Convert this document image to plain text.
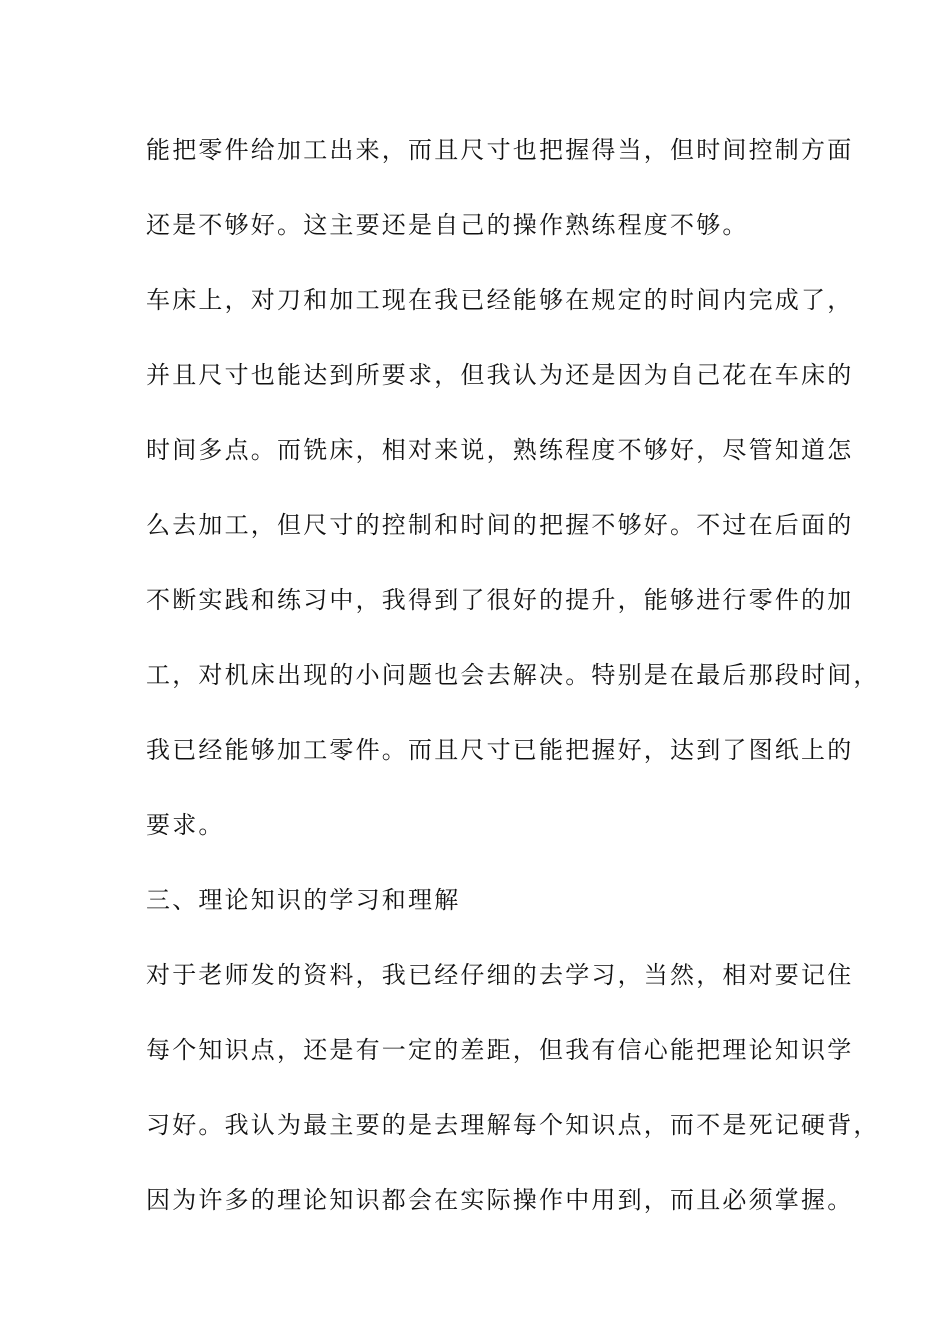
能把零件给加工出来，而且尺寸也把握得当，但时间控制方面

还是不够好。这主要还是自己的操作熟练程度不够。

车床上，对刀和加工现在我已经能够在规定的时间内完成了，

并且尺寸也能达到所要求，但我认为还是因为自己花在车床的

时间多点。而铣床，相对来说，熟练程度不够好，尽管知道怎

么去加工，但尺寸的控制和时间的把握不够好。不过在后面的

不断实践和练习中，我得到了很好的提升，能够进行零件的加

工，对机床出现的小问题也会去解决。特别是在最后那段时间，

我已经能够加工零件。而且尺寸已能把握好，达到了图纸上的

要求。

三、理论知识的学习和理解

对于老师发的资料，我已经仔细的去学习，当然，相对要记住

每个知识点，还是有一定的差距，但我有信心能把理论知识学

习好。我认为最主要的是去理解每个知识点，而不是死记硬背，

因为许多的理论知识都会在实际操作中用到，而且必须掌握。
